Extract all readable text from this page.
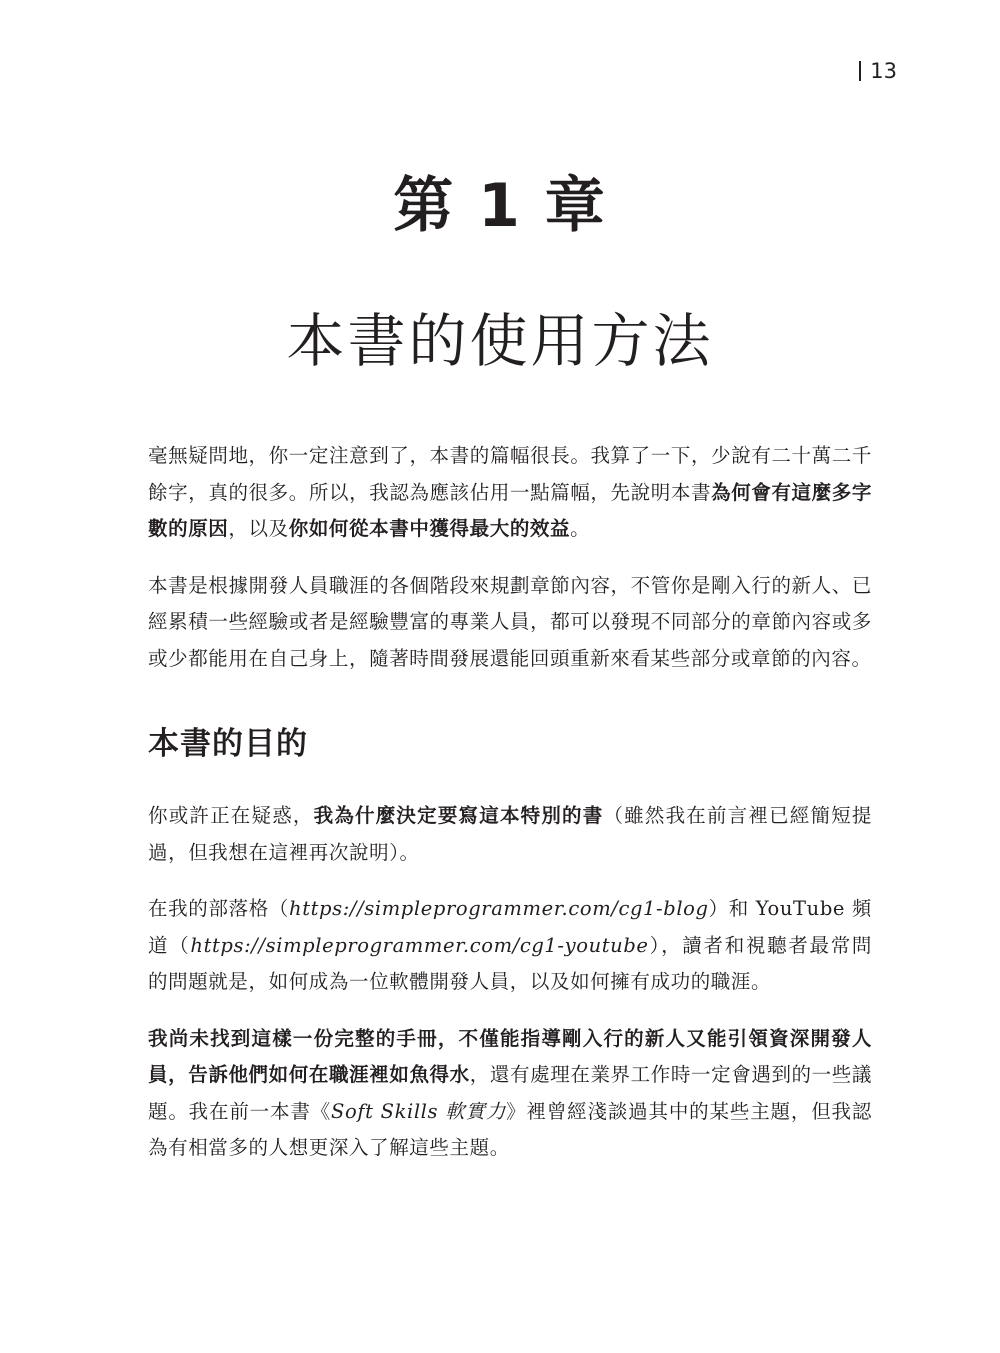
13
第 1 章
本書的使用方法

毫無疑問地，你一定注意到了，本書的篇幅很長。我算了一下，少說有二十萬二千餘字，真的很多。所以，我認為應該佔用一點篇幅，先說明本書為何會有這麼多字數的原因，以及你如何從本書中獲得最大的效益。

本書是根據開發人員職涯的各個階段來規劃章節內容，不管你是剛入行的新人、已經累積一些經驗或者是經驗豐富的專業人員，都可以發現不同部分的章節內容或多或少都能用在自己身上，隨著時間發展還能回頭重新來看某些部分或章節的內容。

本書的目的

你或許正在疑惑，我為什麼決定要寫這本特別的書（雖然我在前言裡已經簡短提過，但我想在這裡再次說明）。

在我的部落格（https://simpleprogrammer.com/cg1-blog）和 YouTube 頻道（https://simpleprogrammer.com/cg1-youtube），讀者和視聽者最常問的問題就是，如何成為一位軟體開發人員，以及如何擁有成功的職涯。

我尚未找到這樣一份完整的手冊，不僅能指導剛入行的新人又能引領資深開發人員，告訴他們如何在職涯裡如魚得水，還有處理在業界工作時一定會遇到的一些議題。我在前一本書《Soft Skills 軟實力》裡曾經淺談過其中的某些主題，但我認為有相當多的人想更深入了解這些主題。
